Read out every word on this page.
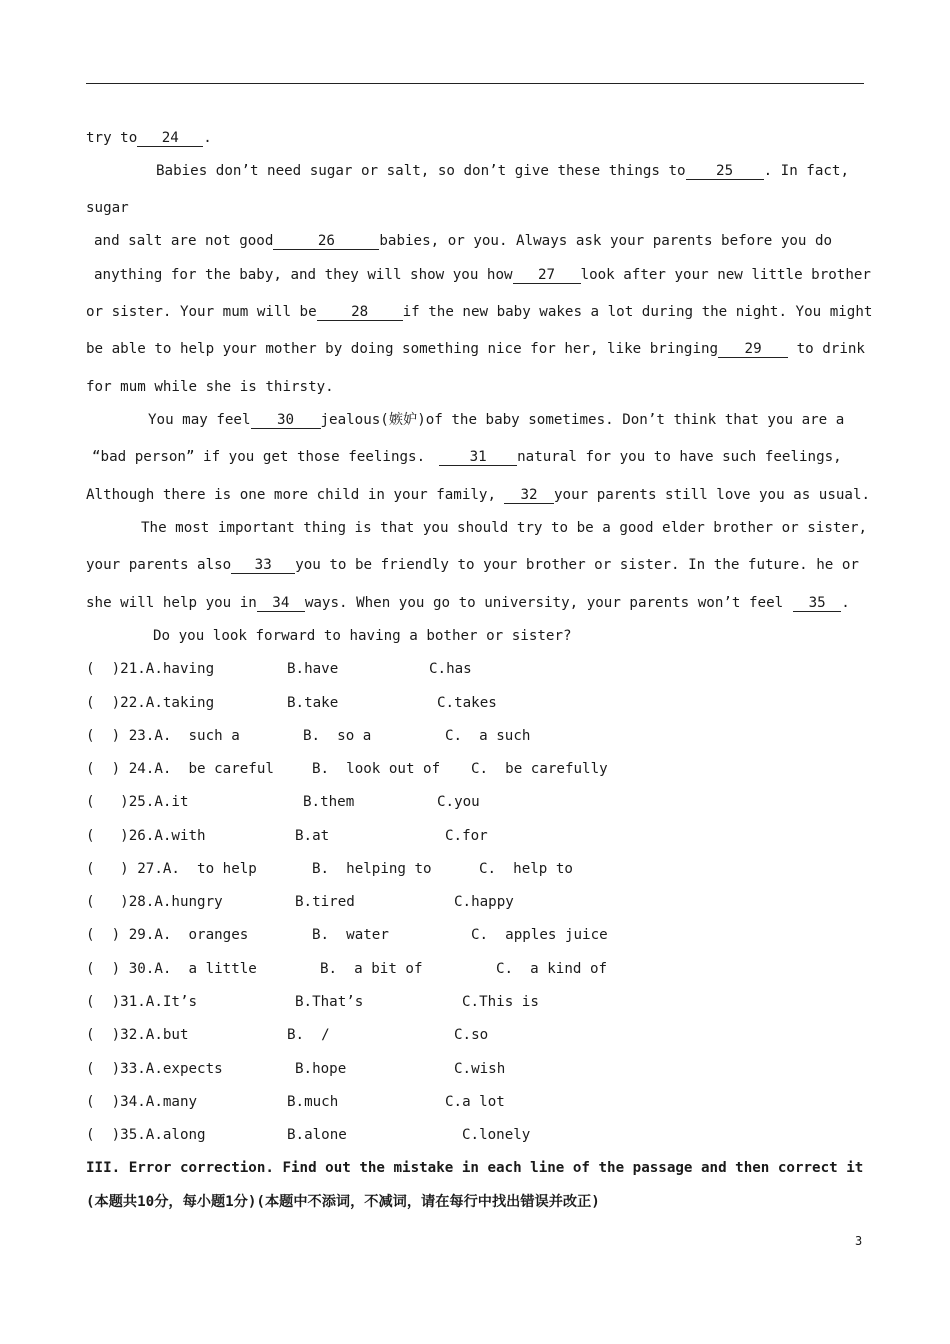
try to 24 .
Babies don’t need sugar or salt, so don’t give these things to 25 . In fact,
sugar
and salt are not good	26	babies, or you. Always ask your parents before you do
anything for the baby, and they will show you how 27 look after your new little brother
or sister. Your mum will be 28 if the new baby wakes a lot during the night. You might
be able to help your mother by doing something nice for her, like bringing 29 to drink
for mum while she is thirsty.
You may feel 30 jealous(嫉妒)of the baby sometimes. Don’t think that you are a
“bad person” if you get those feelings.	31 natural for you to have such feelings,
Although there is one more child in your family, 32 your parents still love you as usual.
The most important thing is that you should try to be a good elder brother or sister,
your parents also 33 you to be friendly to your brother or sister. In the future. he or
she will help you in 34 ways. When you go to university, your parents won’t feel 35 .
Do you look forward to having a bother or sister?
(  )21.A.having	B.have	C.has
(  )22.A.taking	B.take	C.takes
(  ) 23.A.  such a	B.  so a	C.  a such
(  ) 24.A.  be careful	B.  look out of C.  be carefully
(   )25.A.it	B.them	C.you
(   )26.A.with	B.at	C.for
(   ) 27.A.  to help	B.  helping to	C.  help to
(   )28.A.hungry	B.tired	C.happy
(  ) 29.A.  oranges	B.  water	C.  apples juice
(  ) 30.A.  a little	B.  a bit of	C.  a kind of
(  )31.A.It’s	B.That’s	C.This is
(  )32.A.but	B.  /	C.so
(  )33.A.expects	B.hope	C.wish
(  )34.A.many	B.much	C.a lot
(  )35.A.along	B.alone	C.lonely
III. Error correction. Find out the mistake in each line of the passage and then correct it
(本题共10分，每小题1分)(本题中不添词，不减词，请在每行中找出错误并改正)
3
